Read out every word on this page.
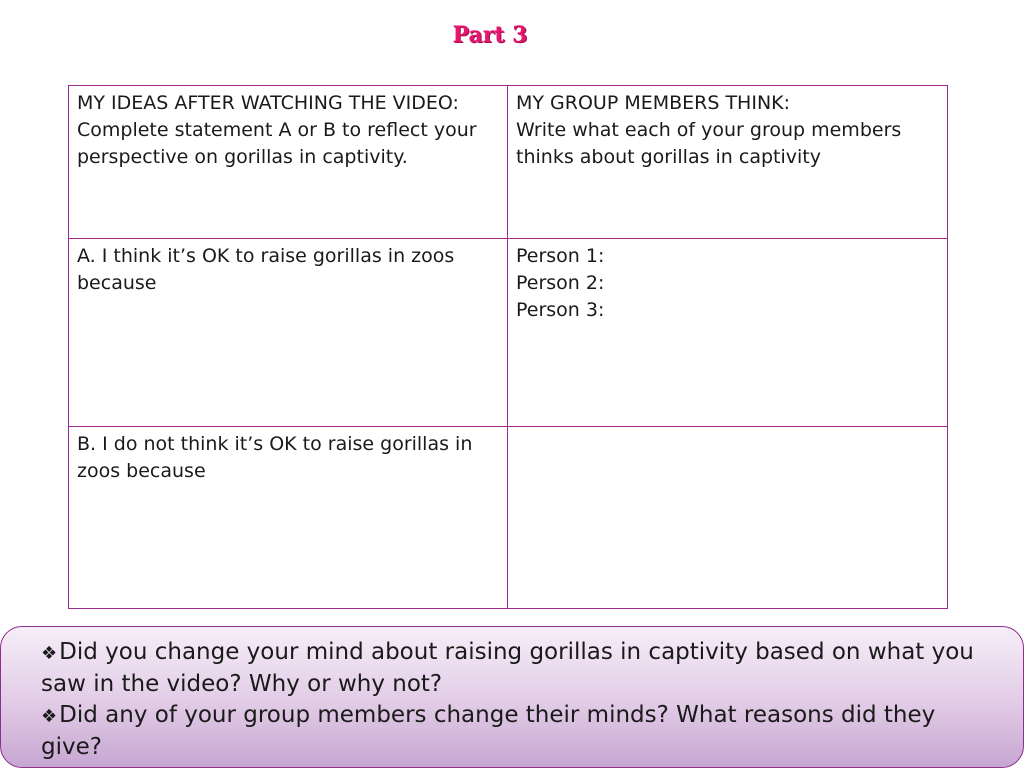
Part 3
MY IDEAS AFTER WATCHING THE VIDEO:
Complete statement A or B to reflect your perspective on gorillas in captivity.
MY GROUP MEMBERS THINK:
Write what each of your group members thinks about gorillas in captivity
A. I think it’s OK to raise gorillas in zoos because
Person 1:
Person 2:
Person 3:
B. I do not think it’s OK to raise gorillas in zoos because
❖Did you change your mind about raising gorillas in captivity based on what you saw in the video? Why or why not?
❖Did any of your group members change their minds? What reasons did they give?
